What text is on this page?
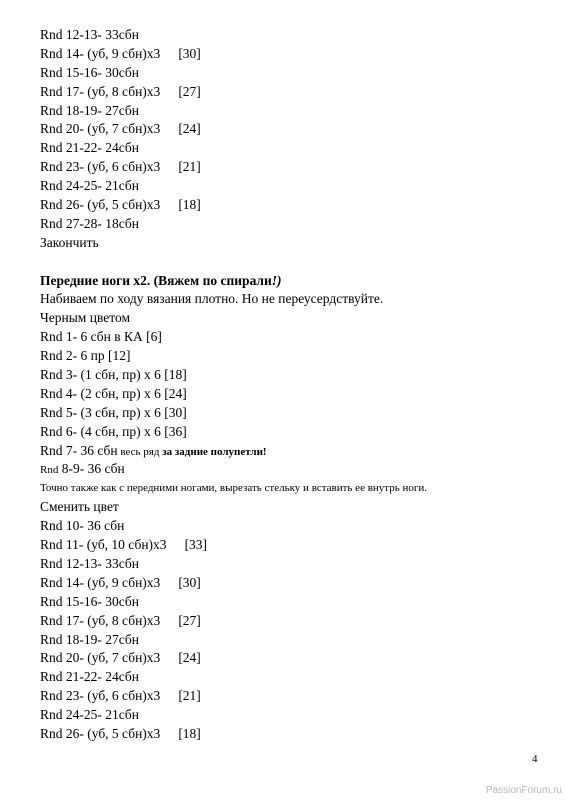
Rnd 12-13- 33сбн
Rnd 14- (уб, 9 сбн)х3 [30]
Rnd 15-16- 30сбн
Rnd 17- (уб, 8 сбн)х3 [27]
Rnd 18-19- 27сбн
Rnd 20- (уб, 7 сбн)х3 [24]
Rnd 21-22- 24сбн
Rnd 23- (уб, 6 сбн)х3 [21]
Rnd 24-25- 21сбн
Rnd 26- (уб, 5 сбн)х3 [18]
Rnd 27-28- 18сбн
Закончить
Передние ноги х2. (Вяжем по спирали!)
Набиваем по ходу вязания плотно. Но не переусердствуйте.
Черным цветом
Rnd 1- 6 сбн в КА [6]
Rnd 2- 6 пр [12]
Rnd 3- (1 сбн, пр) х 6 [18]
Rnd 4- (2 сбн, пр) х 6 [24]
Rnd 5- (3 сбн, пр) х 6 [30]
Rnd 6- (4 сбн, пр) х 6 [36]
Rnd 7- 36 сбн весь ряд за задние полупетли!
Rnd 8-9- 36 сбн
Точно также как с передними ногами, вырезать стельку и вставить ее внутрь ноги.
Сменить цвет
Rnd 10- 36 сбн
Rnd 11- (уб, 10 сбн)х3 [33]
Rnd 12-13- 33сбн
Rnd 14- (уб, 9 сбн)х3 [30]
Rnd 15-16- 30сбн
Rnd 17- (уб, 8 сбн)х3 [27]
Rnd 18-19- 27сбн
Rnd 20- (уб, 7 сбн)х3 [24]
Rnd 21-22- 24сбн
Rnd 23- (уб, 6 сбн)х3 [21]
Rnd 24-25- 21сбн
Rnd 26- (уб, 5 сбн)х3 [18]
4
PassionForum.ru
